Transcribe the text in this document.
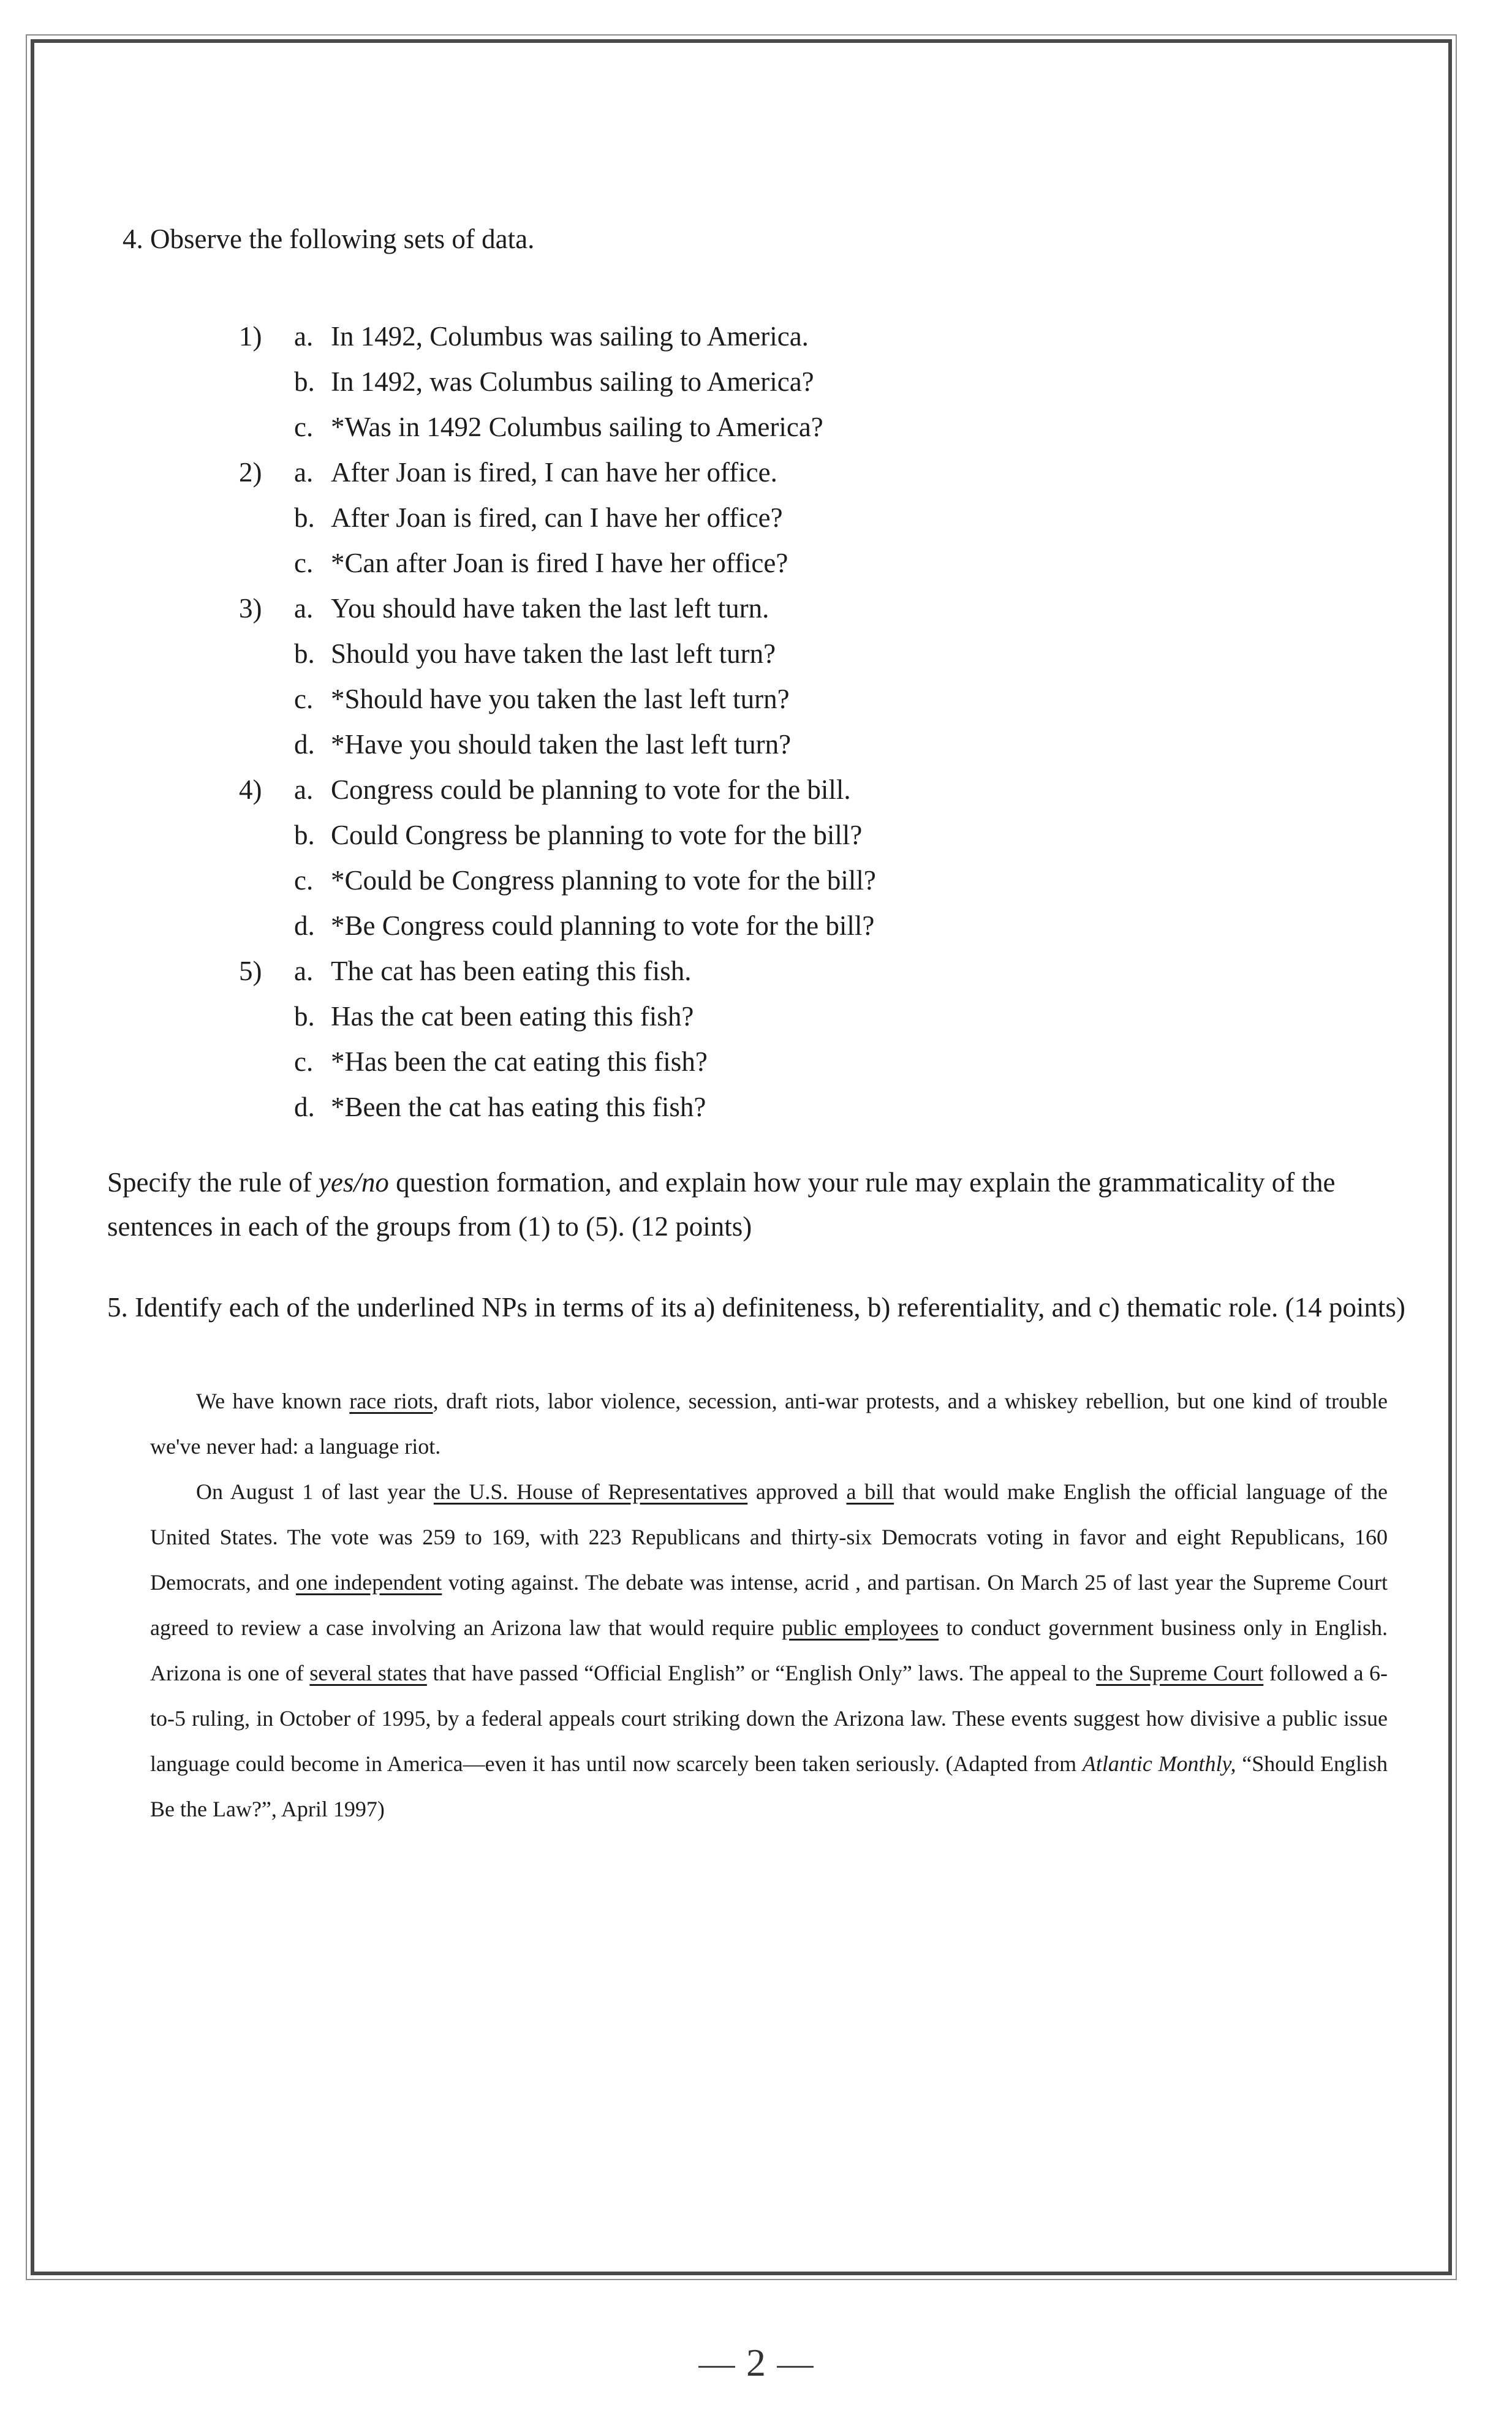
4. Observe the following sets of data.
1)	a. In 1492, Columbus was sailing to America.
b. In 1492, was Columbus sailing to America?
c. *Was in 1492 Columbus sailing to America?
2)	a. After Joan is fired, I can have her office.
b. After Joan is fired, can I have her office?
c. *Can after Joan is fired I have her office?
3)	a. You should have taken the last left turn.
b. Should you have taken the last left turn?
c. *Should have you taken the last left turn?
d. *Have you should taken the last left turn?
4)	a. Congress could be planning to vote for the bill.
b. Could Congress be planning to vote for the bill?
c. *Could be Congress planning to vote for the bill?
d. *Be Congress could planning to vote for the bill?
5)	a. The cat has been eating this fish.
b. Has the cat been eating this fish?
c. *Has been the cat eating this fish?
d. *Been the cat has eating this fish?
Specify the rule of yes/no question formation, and explain how your rule may explain the grammaticality of the sentences in each of the groups from (1) to (5). (12 points)
5. Identify each of the underlined NPs in terms of its a) definiteness, b) referentiality, and c) thematic role. (14 points)

We have known race riots, draft riots, labor violence, secession, anti-war protests, and a whiskey rebellion, but one kind of trouble we've never had: a language riot.

On August 1 of last year the U.S. House of Representatives approved a bill that would make English the official language of the United States. The vote was 259 to 169, with 223 Republicans and thirty-six Democrats voting in favor and eight Republicans, 160 Democrats, and one independent voting against. The debate was intense, acrid , and partisan. On March 25 of last year the Supreme Court agreed to review a case involving an Arizona law that would require public employees to conduct government business only in English. Arizona is one of several states that have passed “Official English” or “English Only” laws. The appeal to the Supreme Court followed a 6-to-5 ruling, in October of 1995, by a federal appeals court striking down the Arizona law. These events suggest how divisive a public issue language could become in America—even it has until now scarcely been taken seriously. (Adapted from Atlantic Monthly, “Should English Be the Law?”, April 1997)

2
